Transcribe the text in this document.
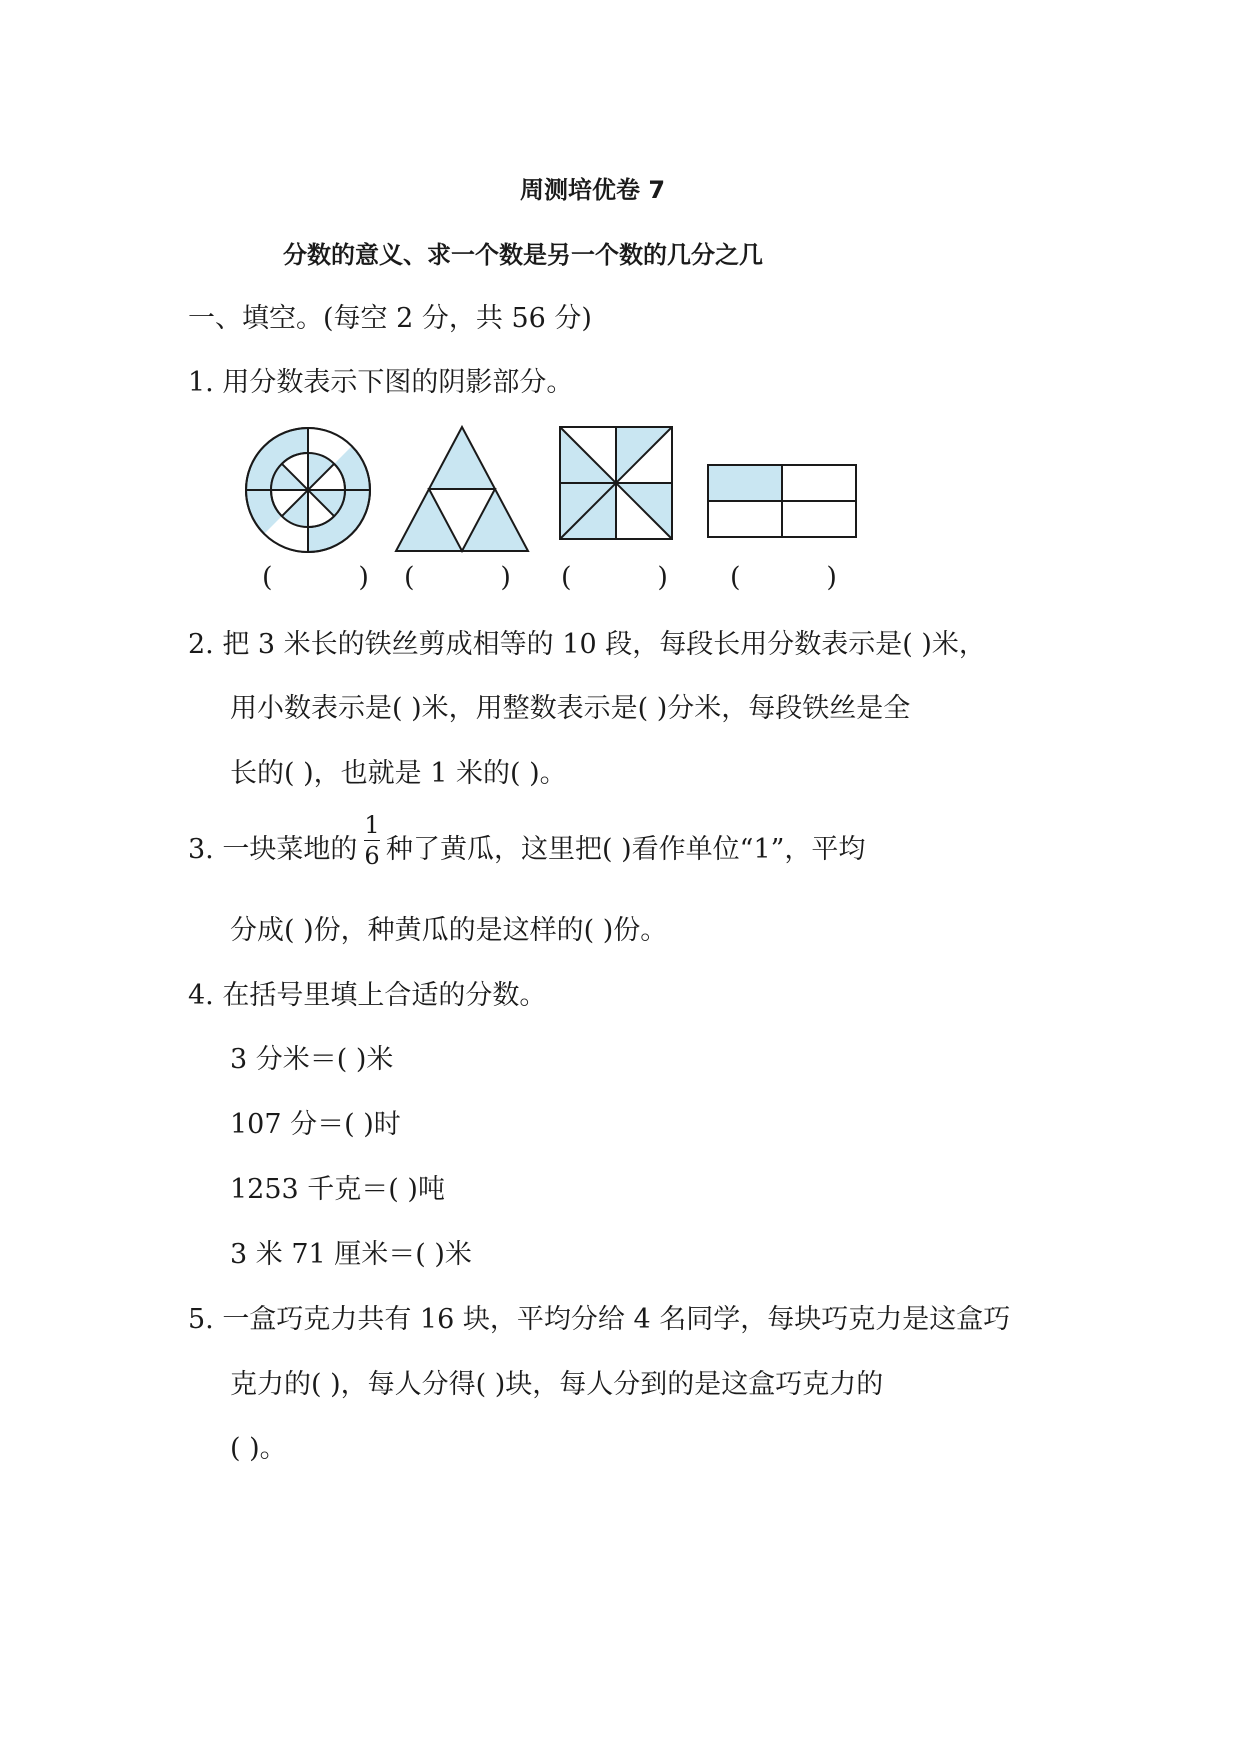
周测培优卷 7
分数的意义、求一个数是另一个数的几分之几
一、填空。(每空 2 分，共 56 分)
1. 用分数表示下图的阴影部分。
(          ) (          ) (          ) (          )
2. 把 3 米长的铁丝剪成相等的 10 段，每段长用分数表示是( )米，
用小数表示是( )米，用整数表示是( )分米，每段铁丝是全
长的( )，也就是 1 米的( )。
3. 一块菜地的
1
6 种了黄瓜，这里把( )看作单位“1”，平均
分成( )份，种黄瓜的是这样的( )份。
4. 在括号里填上合适的分数。
3 分米＝( )米
107 分＝( )时
1253 千克＝( )吨
3 米 71 厘米＝( )米
5. 一盒巧克力共有 16 块，平均分给 4 名同学，每块巧克力是这盒巧
克力的( )，每人分得( )块，每人分到的是这盒巧克力的
( )。
